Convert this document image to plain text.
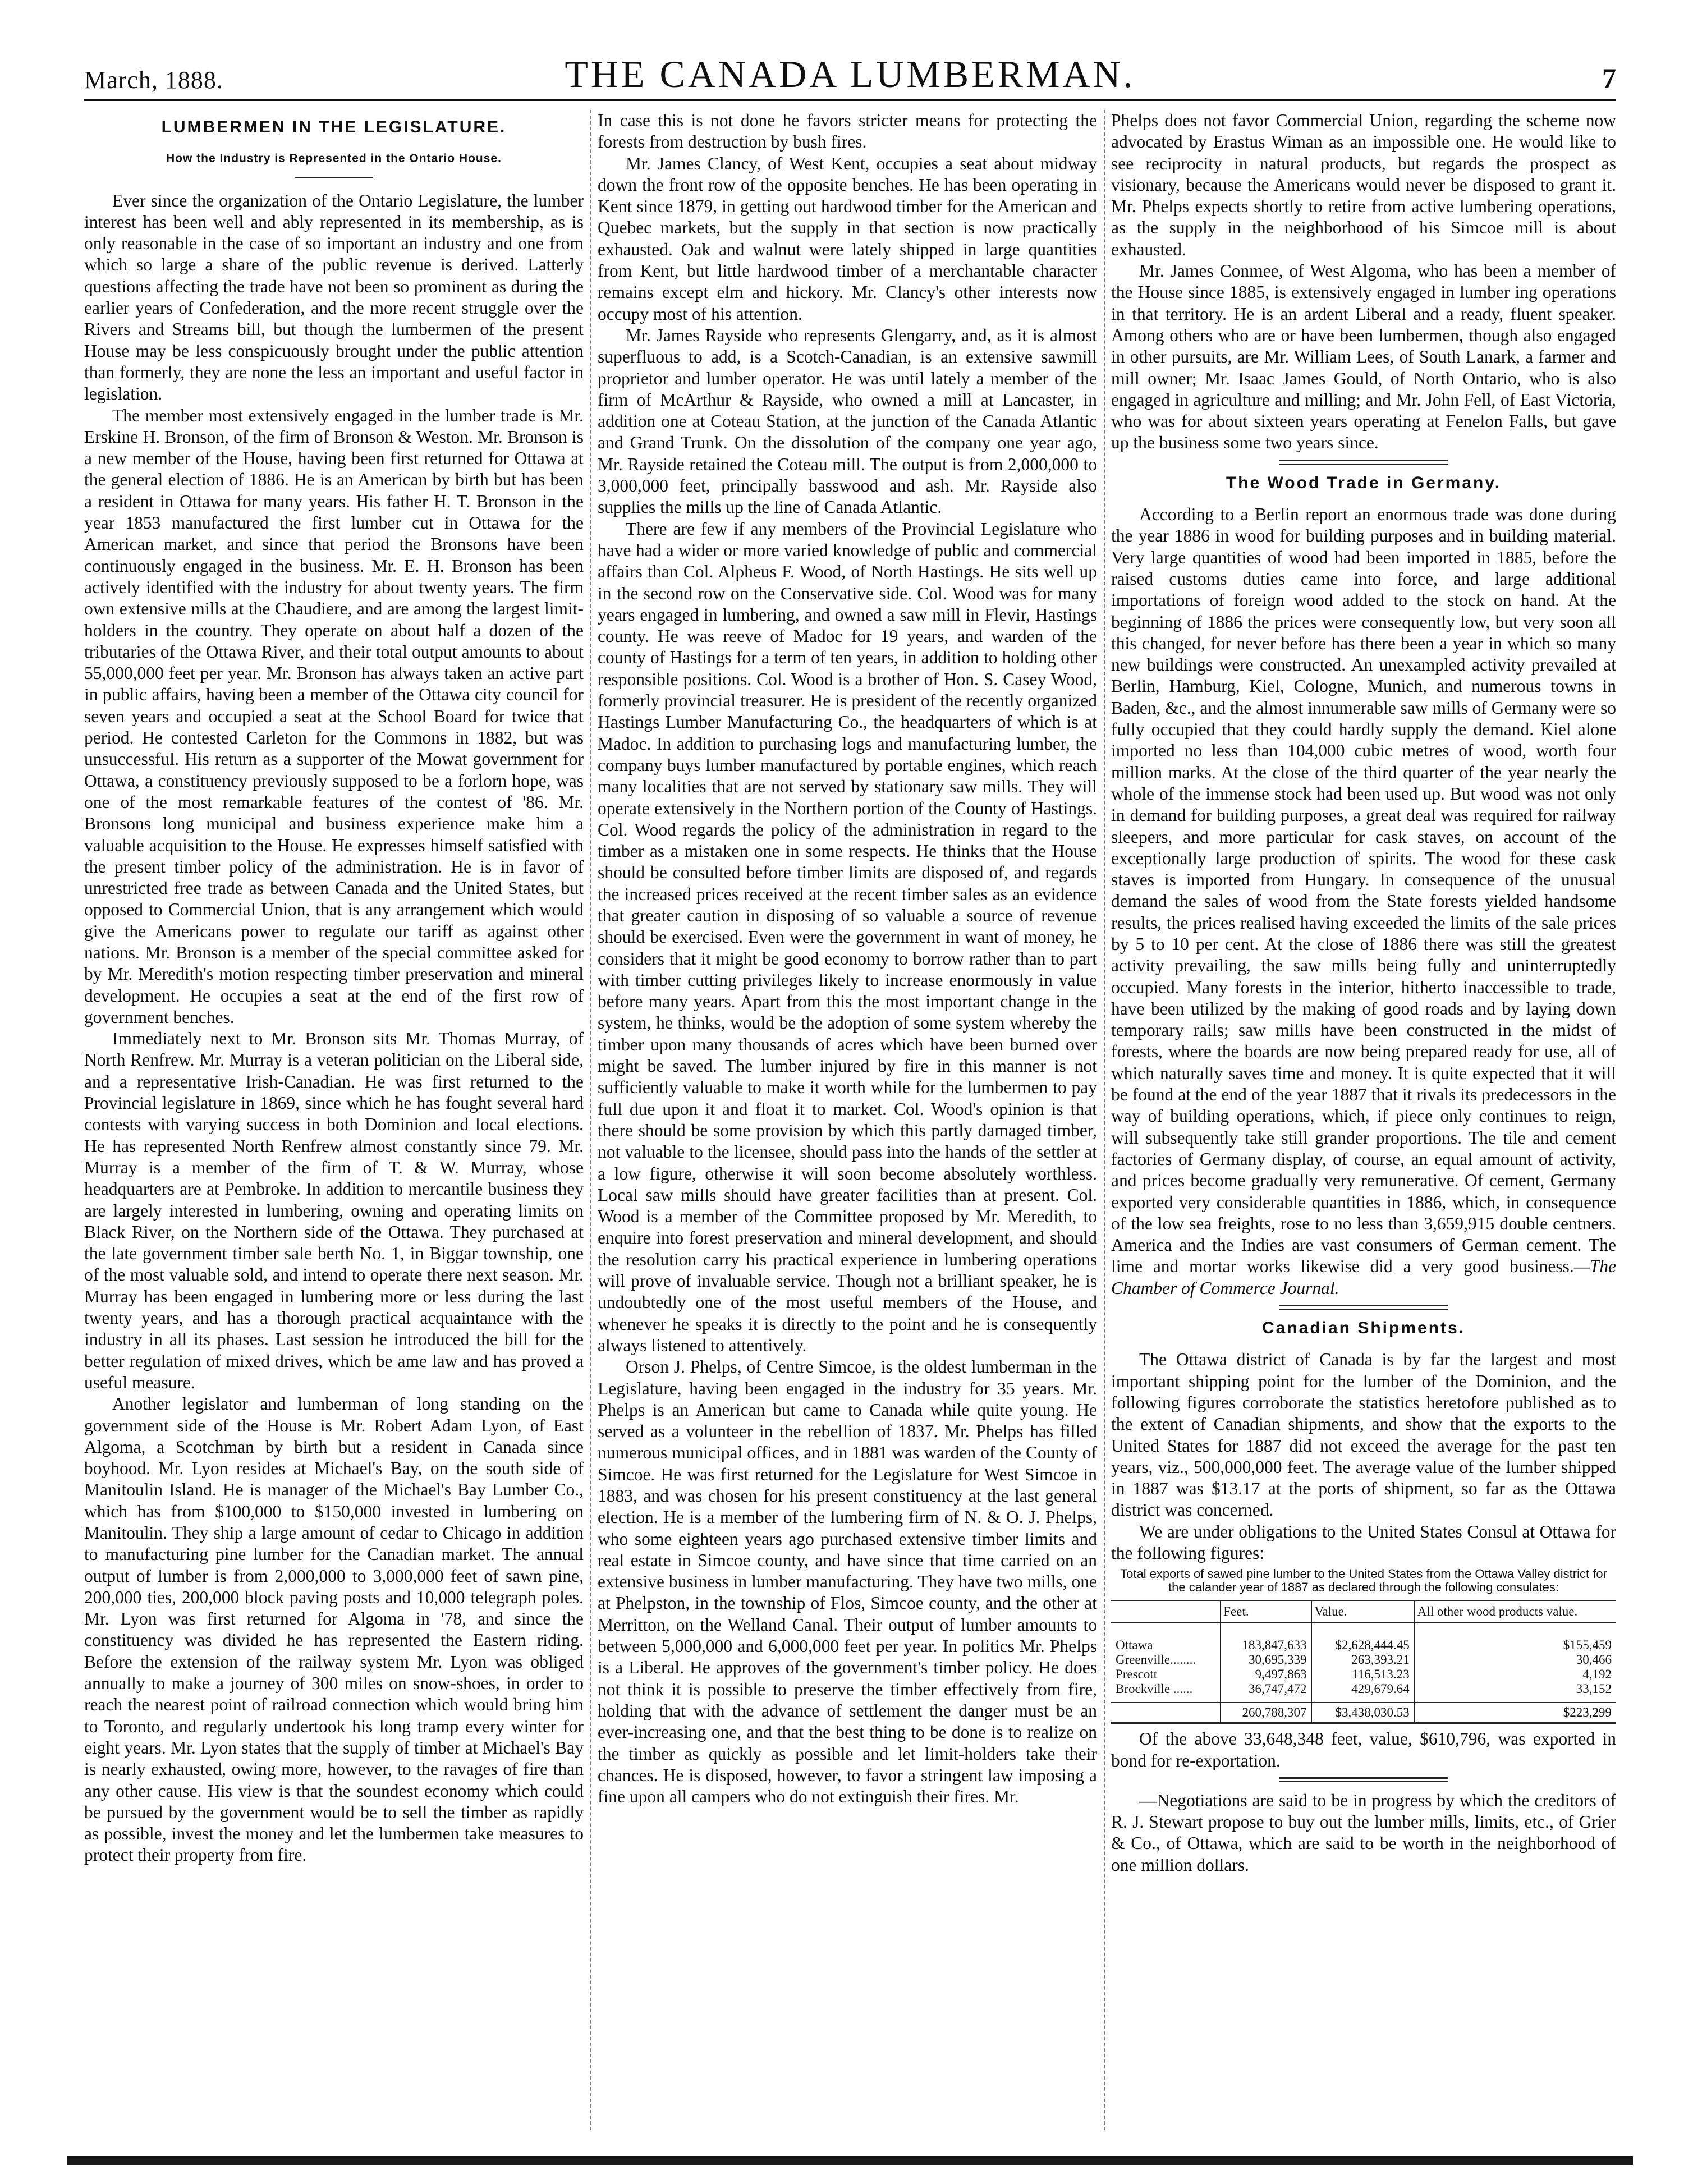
March, 1888.	THE CANADA LUMBERMAN.	7
LUMBERMEN IN THE LEGISLATURE.
How the Industry is Represented in the Ontario House.

Ever since the organization of the Ontario Legislature, the lumber interest has been well and ably represented in its membership, as is only reasonable in the case of so important an industry and one from which so large a share of the public revenue is derived. Latterly questions affecting the trade have not been so prominent as during the earlier years of Confederation, and the more recent struggle over the Rivers and Streams bill, but though the lumbermen of the present House may be less conspicuously brought under the public attention than formerly, they are none the less an important and useful factor in legislation.

The member most extensively engaged in the lumber trade is Mr. Erskine H. Bronson, of the firm of Bronson & Weston. Mr. Bronson is a new member of the House, having been first returned for Ottawa at the general election of 1886. He is an American by birth but has been a resident in Ottawa for many years. His father H. T. Bronson in the year 1853 manufactured the first lumber cut in Ottawa for the American market, and since that period the Bronsons have been continuously engaged in the business. Mr. E. H. Bronson has been actively identified with the industry for about twenty years. The firm own extensive mills at the Chaudiere, and are among the largest limit-holders in the country. They operate on about half a dozen of the tributaries of the Ottawa River, and their total output amounts to about 55,000,000 feet per year. Mr. Bronson has always taken an active part in public affairs, having been a member of the Ottawa city council for seven years and occupied a seat at the School Board for twice that period. He contested Carleton for the Commons in 1882, but was unsuccessful. His return as a supporter of the Mowat government for Ottawa, a constituency previously supposed to be a forlorn hope, was one of the most remarkable features of the contest of '86. Mr. Bronsons long municipal and business experience make him a valuable acquisition to the House. He expresses himself satisfied with the present timber policy of the administration. He is in favor of unrestricted free trade as between Canada and the United States, but opposed to Commercial Union, that is any arrangement which would give the Americans power to regulate our tariff as against other nations. Mr. Bronson is a member of the special committee asked for by Mr. Meredith's motion respecting timber preservation and mineral development. He occupies a seat at the end of the first row of government benches.

Immediately next to Mr. Bronson sits Mr. Thomas Murray, of North Renfrew. Mr. Murray is a veteran politician on the Liberal side, and a representative Irish-Canadian. He was first returned to the Provincial legislature in 1869, since which he has fought several hard contests with varying success in both Dominion and local elections. He has represented North Renfrew almost constantly since 79. Mr. Murray is a member of the firm of T. & W. Murray, whose headquarters are at Pembroke. In addition to mercantile business they are largely interested in lumbering, owning and operating limits on Black River, on the Northern side of the Ottawa. They purchased at the late government timber sale berth No. 1, in Biggar township, one of the most valuable sold, and intend to operate there next season. Mr. Murray has been engaged in lumbering more or less during the last twenty years, and has a thorough practical acquaintance with the industry in all its phases. Last session he introduced the bill for the better regulation of mixed drives, which be ame law and has proved a useful measure.

Another legislator and lumberman of long standing on the government side of the House is Mr. Robert Adam Lyon, of East Algoma, a Scotchman by birth but a resident in Canada since boyhood. Mr. Lyon resides at Michael's Bay, on the south side of Manitoulin Island. He is manager of the Michael's Bay Lumber Co., which has from $100,000 to $150,000 invested in lumbering on Manitoulin. They ship a large amount of cedar to Chicago in addition to manufacturing pine lumber for the Canadian market. The annual output of lumber is from 2,000,000 to 3,000,000 feet of sawn pine, 200,000 ties, 200,000 block paving posts and 10,000 telegraph poles. Mr. Lyon was first returned for Algoma in '78, and since the constituency was divided he has represented the Eastern riding. Before the extension of the railway system Mr. Lyon was obliged annually to make a journey of 300 miles on snow-shoes, in order to reach the nearest point of railroad connection which would bring him to Toronto, and regularly undertook his long tramp every winter for eight years. Mr. Lyon states that the supply of timber at Michael's Bay is nearly exhausted, owing more, however, to the ravages of fire than any other cause. His view is that the soundest economy which could be pursued by the government would be to sell the timber as rapidly as possible, invest the money and let the lumbermen take measures to protect their property from fire.

In case this is not done he favors stricter means for protecting the forests from destruction by bush fires.

Mr. James Clancy, of West Kent, occupies a seat about midway down the front row of the opposite benches. He has been operating in Kent since 1879, in getting out hardwood timber for the American and Quebec markets, but the supply in that section is now practically exhausted. Oak and walnut were lately shipped in large quantities from Kent, but little hardwood timber of a merchantable character remains except elm and hickory. Mr. Clancy's other interests now occupy most of his attention.

Mr. James Rayside who represents Glengarry, and, as it is almost superfluous to add, is a Scotch-Canadian, is an extensive sawmill proprietor and lumber operator. He was until lately a member of the firm of McArthur & Rayside, who owned a mill at Lancaster, in addition one at Coteau Station, at the junction of the Canada Atlantic and Grand Trunk. On the dissolution of the company one year ago, Mr. Rayside retained the Coteau mill. The output is from 2,000,000 to 3,000,000 feet, principally basswood and ash. Mr. Rayside also supplies the mills up the line of Canada Atlantic.

There are few if any members of the Provincial Legislature who have had a wider or more varied knowledge of public and commercial affairs than Col. Alpheus F. Wood, of North Hastings. He sits well up in the second row on the Conservative side. Col. Wood was for many years engaged in lumbering, and owned a saw mill in Flevir, Hastings county. He was reeve of Madoc for 19 years, and warden of the county of Hastings for a term of ten years, in addition to holding other responsible positions. Col. Wood is a brother of Hon. S. Casey Wood, formerly provincial treasurer. He is president of the recently organized Hastings Lumber Manufacturing Co., the headquarters of which is at Madoc. In addition to purchasing logs and manufacturing lumber, the company buys lumber manufactured by portable engines, which reach many localities that are not served by stationary saw mills. They will operate extensively in the Northern portion of the County of Hastings. Col. Wood regards the policy of the administration in regard to the timber as a mistaken one in some respects. He thinks that the House should be consulted before timber limits are disposed of, and regards the increased prices received at the recent timber sales as an evidence that greater caution in disposing of so valuable a source of revenue should be exercised. Even were the government in want of money, he considers that it might be good economy to borrow rather than to part with timber cutting privileges likely to increase enormously in value before many years. Apart from this the most important change in the system, he thinks, would be the adoption of some system whereby the timber upon many thousands of acres which have been burned over might be saved. The lumber injured by fire in this manner is not sufficiently valuable to make it worth while for the lumbermen to pay full due upon it and float it to market. Col. Wood's opinion is that there should be some provision by which this partly damaged timber, not valuable to the licensee, should pass into the hands of the settler at a low figure, otherwise it will soon become absolutely worthless. Local saw mills should have greater facilities than at present. Col. Wood is a member of the Committee proposed by Mr. Meredith, to enquire into forest preservation and mineral development, and should the resolution carry his practical experience in lumbering operations will prove of invaluable service. Though not a brilliant speaker, he is undoubtedly one of the most useful members of the House, and whenever he speaks it is directly to the point and he is consequently always listened to attentively.

Orson J. Phelps, of Centre Simcoe, is the oldest lumberman in the Legislature, having been engaged in the industry for 35 years. Mr. Phelps is an American but came to Canada while quite young. He served as a volunteer in the rebellion of 1837. Mr. Phelps has filled numerous municipal offices, and in 1881 was warden of the County of Simcoe. He was first returned for the Legislature for West Simcoe in 1883, and was chosen for his present constituency at the last general election. He is a member of the lumbering firm of N. & O. J. Phelps, who some eighteen years ago purchased extensive timber limits and real estate in Simcoe county, and have since that time carried on an extensive business in lumber manufacturing. They have two mills, one at Phelpston, in the township of Flos, Simcoe county, and the other at Merritton, on the Welland Canal. Their output of lumber amounts to between 5,000,000 and 6,000,000 feet per year. In politics Mr. Phelps is a Liberal. He approves of the government's timber policy. He does not think it is possible to preserve the timber effectively from fire, holding that with the advance of settlement the danger must be an ever-increasing one, and that the best thing to be done is to realize on the timber as quickly as possible and let limit-holders take their chances. He is disposed, however, to favor a stringent law imposing a fine upon all campers who do not extinguish their fires. Mr.

Phelps does not favor Commercial Union, regarding the scheme now advocated by Erastus Wiman as an impossible one. He would like to see reciprocity in natural products, but regards the prospect as visionary, because the Americans would never be disposed to grant it. Mr. Phelps expects shortly to retire from active lumbering operations, as the supply in the neighborhood of his Simcoe mill is about exhausted.

Mr. James Conmee, of West Algoma, who has been a member of the House since 1885, is extensively engaged in lumber ing operations in that territory. He is an ardent Liberal and a ready, fluent speaker. Among others who are or have been lumbermen, though also engaged in other pursuits, are Mr. William Lees, of South Lanark, a farmer and mill owner; Mr. Isaac James Gould, of North Ontario, who is also engaged in agriculture and milling; and Mr. John Fell, of East Victoria, who was for about sixteen years operating at Fenelon Falls, but gave up the business some two years since.

The Wood Trade in Germany.

According to a Berlin report an enormous trade was done during the year 1886 in wood for building purposes and in building material. Very large quantities of wood had been imported in 1885, before the raised customs duties came into force, and large additional importations of foreign wood added to the stock on hand. At the beginning of 1886 the prices were consequently low, but very soon all this changed, for never before has there been a year in which so many new buildings were constructed. An unexampled activity prevailed at Berlin, Hamburg, Kiel, Cologne, Munich, and numerous towns in Baden, &c., and the almost innumerable saw mills of Germany were so fully occupied that they could hardly supply the demand. Kiel alone imported no less than 104,000 cubic metres of wood, worth four million marks. At the close of the third quarter of the year nearly the whole of the immense stock had been used up. But wood was not only in demand for building purposes, a great deal was required for railway sleepers, and more particular for cask staves, on account of the exceptionally large production of spirits. The wood for these cask staves is imported from Hungary. In consequence of the unusual demand the sales of wood from the State forests yielded handsome results, the prices realised having exceeded the limits of the sale prices by 5 to 10 per cent. At the close of 1886 there was still the greatest activity prevailing, the saw mills being fully and uninterruptedly occupied. Many forests in the interior, hitherto inaccessible to trade, have been utilized by the making of good roads and by laying down temporary rails; saw mills have been constructed in the midst of forests, where the boards are now being prepared ready for use, all of which naturally saves time and money. It is quite expected that it will be found at the end of the year 1887 that it rivals its predecessors in the way of building operations, which, if piece only continues to reign, will subsequently take still grander proportions. The tile and cement factories of Germany display, of course, an equal amount of activity, and prices become gradually very remunerative. Of cement, Germany exported very considerable quantities in 1886, which, in consequence of the low sea freights, rose to no less than 3,659,915 double centners. America and the Indies are vast consumers of German cement. The lime and mortar works likewise did a very good business.—The Chamber of Commerce Journal.

Canadian Shipments.

The Ottawa district of Canada is by far the largest and most important shipping point for the lumber of the Dominion, and the following figures corroborate the statistics heretofore published as to the extent of Canadian shipments, and show that the exports to the United States for 1887 did not exceed the average for the past ten years, viz., 500,000,000 feet. The average value of the lumber shipped in 1887 was $13.17 at the ports of shipment, so far as the Ottawa district was concerned.

We are under obligations to the United States Consul at Ottawa for the following figures:

Total exports of sawed pine lumber to the United States from the Ottawa Valley district for the calander year of 1887 as declared through the following consulates:
	Feet.	Value.	All other wood products value.
Ottawa	183,847,633	$2,628,444.45	$155,459
Greenville........	30,695,339	263,393.21	30,466
Prescott	9,497,863	116,513.23	4,192
Brockville ......	36,747,472	429,679.64	33,152
	260,788,307	$3,438,030.53	$223,299

Of the above 33,648,348 feet, value, $610,796, was exported in bond for re-exportation.

—Negotiations are said to be in progress by which the creditors of R. J. Stewart propose to buy out the lumber mills, limits, etc., of Grier & Co., of Ottawa, which are said to be worth in the neighborhood of one million dollars.
